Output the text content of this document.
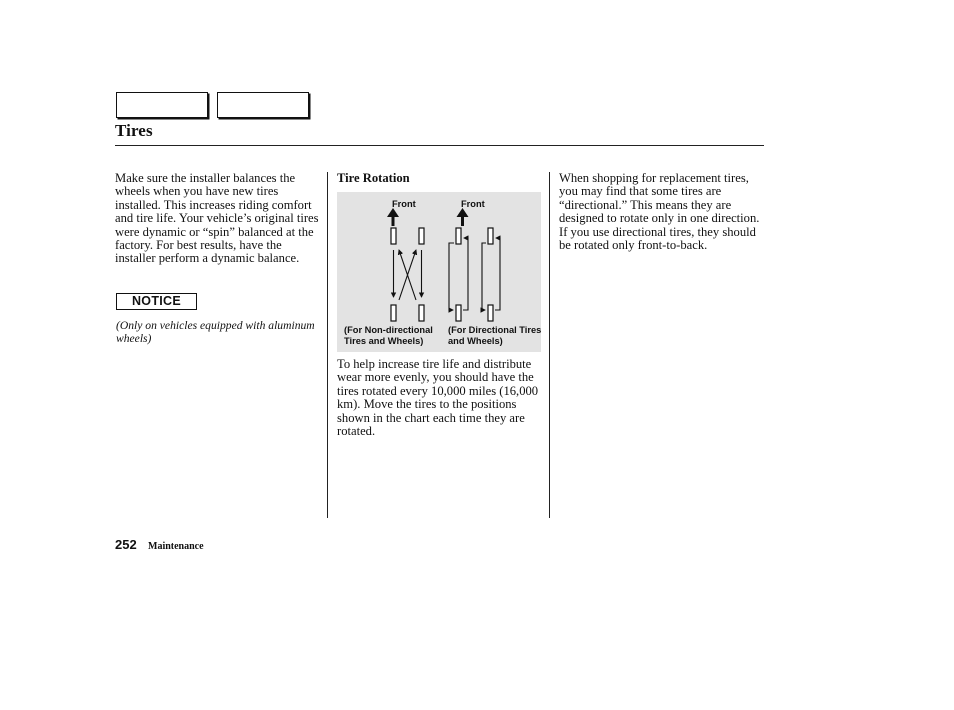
Tires
Make sure the installer balances the wheels when you have new tires installed. This increases riding comfort and tire life. Your vehicle’s original tires were dynamic or “spin” balanced at the factory. For best results, have the installer perform a dynamic balance.
NOTICE
(Only on vehicles equipped with aluminum wheels)
Tire Rotation
Front	Front
(For Non-directional Tires and Wheels)
(For Directional Tires and Wheels)
To help increase tire life and distribute wear more evenly, you should have the tires rotated every 10,000 miles (16,000 km). Move the tires to the positions shown in the chart each time they are rotated.
When shopping for replacement tires, you may find that some tires are “directional.” This means they are designed to rotate only in one direction. If you use directional tires, they should be rotated only front-to-back.
252 Maintenance
